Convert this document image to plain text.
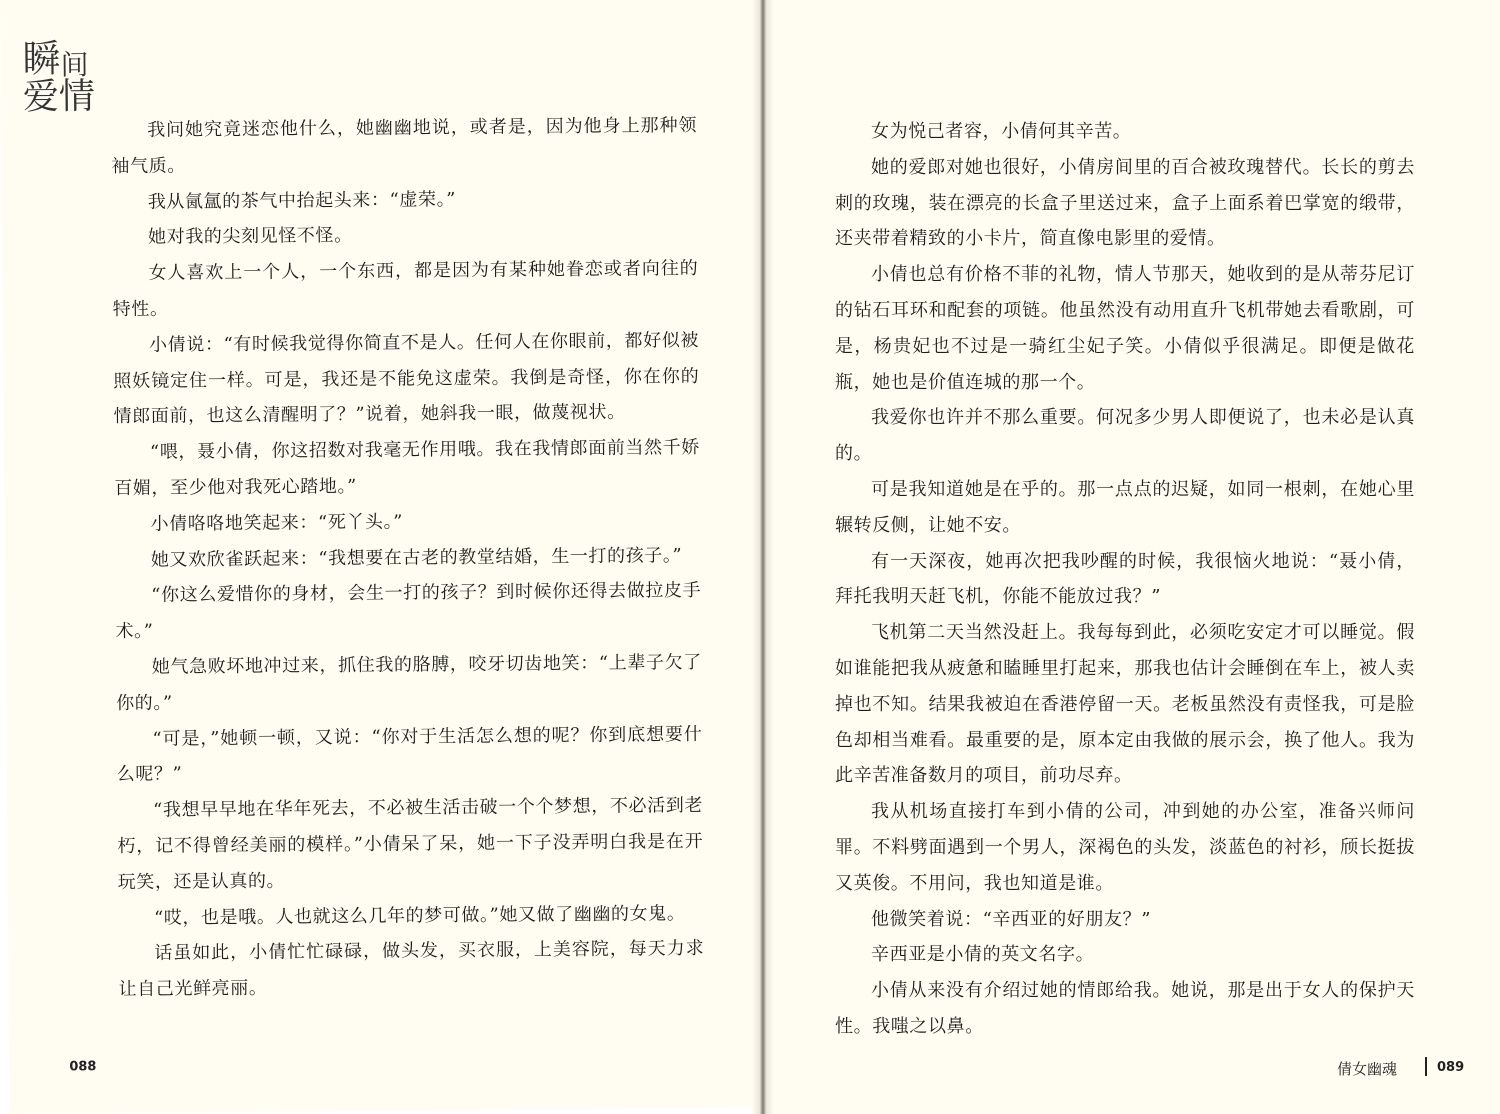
瞬 间
爱 情

我问她究竟迷恋他什么，她幽幽地说，或者是，因为他身上那种领袖气质。

我从氤氲的茶气中抬起头来：“虚荣。”

她对我的尖刻见怪不怪。

女人喜欢上一个人，一个东西，都是因为有某种她眷恋或者向往的特性。

小倩说：“有时候我觉得你简直不是人。任何人在你眼前，都好似被照妖镜定住一样。可是，我还是不能免这虚荣。我倒是奇怪，你在你的情郎面前，也这么清醒明了？”说着，她斜我一眼，做蔑视状。

“喂，聂小倩，你这招数对我毫无作用哦。我在我情郎面前当然千娇百媚，至少他对我死心踏地。”

小倩咯咯地笑起来：“死丫头。”

她又欢欣雀跃起来：“我想要在古老的教堂结婚，生一打的孩子。”

“你这么爱惜你的身材，会生一打的孩子？到时候你还得去做拉皮手术。”

她气急败坏地冲过来，抓住我的胳膊，咬牙切齿地笑：“上辈子欠了你的。”

“可是，”她顿一顿，又说：“你对于生活怎么想的呢？你到底想要什么呢？”

“我想早早地在华年死去，不必被生活击破一个个梦想，不必活到老朽，记不得曾经美丽的模样。”小倩呆了呆，她一下子没弄明白我是在开玩笑，还是认真的。

“哎，也是哦。人也就这么几年的梦可做。”她又做了幽幽的女鬼。

话虽如此，小倩忙忙碌碌，做头发，买衣服，上美容院，每天力求让自己光鲜亮丽。

088

女为悦己者容，小倩何其辛苦。

她的爱郎对她也很好，小倩房间里的百合被玫瑰替代。长长的剪去刺的玫瑰，装在漂亮的长盒子里送过来，盒子上面系着巴掌宽的缎带，还夹带着精致的小卡片，简直像电影里的爱情。

小倩也总有价格不菲的礼物，情人节那天，她收到的是从蒂芬尼订的钻石耳环和配套的项链。他虽然没有动用直升飞机带她去看歌剧，可是，杨贵妃也不过是一骑红尘妃子笑。小倩似乎很满足。即便是做花瓶，她也是价值连城的那一个。

我爱你也许并不那么重要。何况多少男人即便说了，也未必是认真的。

可是我知道她是在乎的。那一点点的迟疑，如同一根刺，在她心里辗转反侧，让她不安。

有一天深夜，她再次把我吵醒的时候，我很恼火地说：“聂小倩，拜托我明天赶飞机，你能不能放过我？”

飞机第二天当然没赶上。我每每到此，必须吃安定才可以睡觉。假如谁能把我从疲惫和瞌睡里打起来，那我也估计会睡倒在车上，被人卖掉也不知。结果我被迫在香港停留一天。老板虽然没有责怪我，可是脸色却相当难看。最重要的是，原本定由我做的展示会，换了他人。我为此辛苦准备数月的项目，前功尽弃。

我从机场直接打车到小倩的公司，冲到她的办公室，准备兴师问罪。不料劈面遇到一个男人，深褐色的头发，淡蓝色的衬衫，颀长挺拔又英俊。不用问，我也知道是谁。

他微笑着说：“辛西亚的好朋友？”

辛西亚是小倩的英文名字。

小倩从来没有介绍过她的情郎给我。她说，那是出于女人的保护天性。我嗤之以鼻。

倩女幽魂	089
